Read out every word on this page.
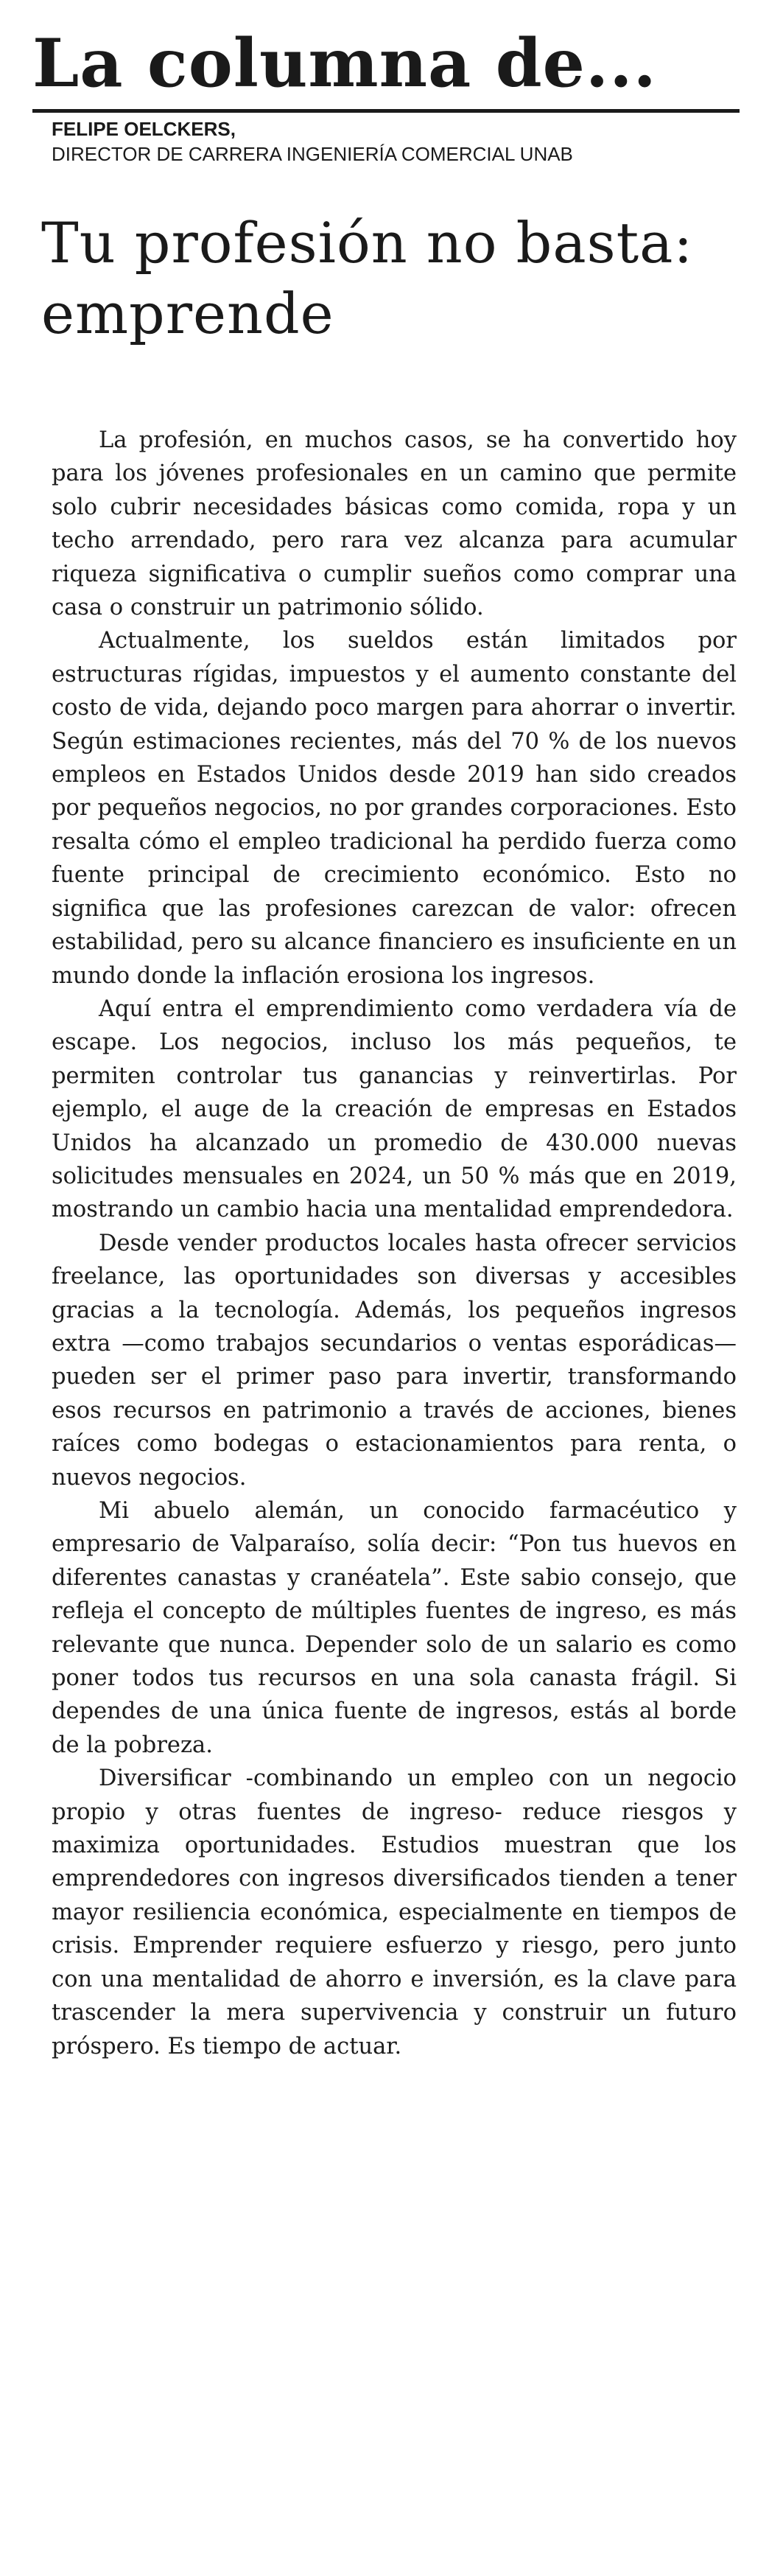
La columna de...
FELIPE OELCKERS,
DIRECTOR DE CARRERA INGENIERÍA COMERCIAL UNAB
Tu profesión no basta: emprende

La profesión, en muchos casos, se ha convertido hoy para los jóvenes profesionales en un camino que permite solo cubrir necesidades básicas como comida, ropa y un techo arrendado, pero rara vez alcanza para acumular riqueza significativa o cumplir sueños como comprar una casa o construir un patrimonio sólido.

Actualmente, los sueldos están limitados por estructuras rígidas, impuestos y el aumento constante del costo de vida, dejando poco margen para ahorrar o invertir. Según estimaciones recientes, más del 70 % de los nuevos empleos en Estados Unidos desde 2019 han sido creados por pequeños negocios, no por grandes corporaciones. Esto resalta cómo el empleo tradicional ha perdido fuerza como fuente principal de crecimiento económico. Esto no significa que las profesiones carezcan de valor: ofrecen estabilidad, pero su alcance financiero es insuficiente en un mundo donde la inflación erosiona los ingresos.

Aquí entra el emprendimiento como verdadera vía de escape. Los negocios, incluso los más pequeños, te permiten controlar tus ganancias y reinvertirlas. Por ejemplo, el auge de la creación de empresas en Estados Unidos ha alcanzado un promedio de 430.000 nuevas solicitudes mensuales en 2024, un 50 % más que en 2019, mostrando un cambio hacia una mentalidad emprendedora.

Desde vender productos locales hasta ofrecer servicios freelance, las oportunidades son diversas y accesibles gracias a la tecnología. Además, los pequeños ingresos extra —como trabajos secundarios o ventas esporádicas— pueden ser el primer paso para invertir, transformando esos recursos en patrimonio a través de acciones, bienes raíces como bodegas o estacionamientos para renta, o nuevos negocios.

Mi abuelo alemán, un conocido farmacéutico y empresario de Valparaíso, solía decir: “Pon tus huevos en diferentes canastas y cranéatela”. Este sabio consejo, que refleja el concepto de múltiples fuentes de ingreso, es más relevante que nunca. Depender solo de un salario es como poner todos tus recursos en una sola canasta frágil. Si dependes de una única fuente de ingresos, estás al borde de la pobreza.

Diversificar -combinando un empleo con un negocio propio y otras fuentes de ingreso- reduce riesgos y maximiza oportunidades. Estudios muestran que los emprendedores con ingresos diversificados tienden a tener mayor resiliencia económica, especialmente en tiempos de crisis. Emprender requiere esfuerzo y riesgo, pero junto con una mentalidad de ahorro e inversión, es la clave para trascender la mera supervivencia y construir un futuro próspero. Es tiempo de actuar.
